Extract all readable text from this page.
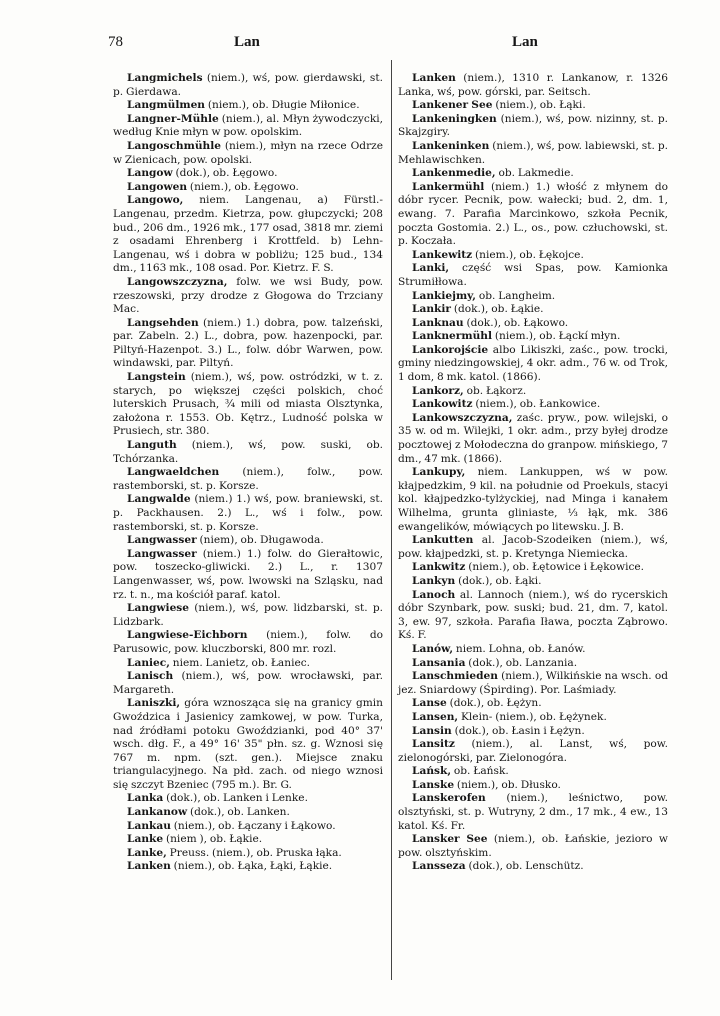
78	Lan	Lan

Langmichels (niem.), wś, pow. gierdawski, st. p. Gierdawa.

Langmülmen (niem.), ob. Długie Miłonice.

Langner-Mühle (niem.), al. Młyn żywodczycki, według Knie młyn w pow. opolskim.

Langoschmühle (niem.), młyn na rzece Odrze w Zienicach, pow. opolski.

Langow (dok.), ob. Łęgowo.

Langowen (niem.), ob. Łęgowo.

Langowo, niem. Langenau, a) Fürstl.-Langenau, przedm. Kietrza, pow. głupczycki; 208 bud., 206 dm., 1926 mk., 177 osad, 3818 mr. ziemi z osadami Ehrenberg i Krottfeld. b) Lehn-Langenau, wś i dobra w pobliżu; 125 bud., 134 dm., 1163 mk., 108 osad. Por. Kietrz. F. S.

Langowszczyzna, folw. we wsi Budy, pow. rzeszowski, przy drodze z Głogowa do Trzciany Mac.

Langsehden (niem.) 1.) dobra, pow. talzeński, par. Zabeln. 2.) L., dobra, pow. hazenpocki, par. Piltyń-Hazenpot. 3.) L., folw. dóbr Warwen, pow. windawski, par. Piltyń.

Langstein (niem.), wś, pow. ostródzki, w t. z. starych, po większej części polskich, choć luterskich Prusach, ¾ mili od miasta Olsztynka, założona r. 1553. Ob. Kętrz., Ludność polska w Prusiech, str. 380.

Languth (niem.), wś, pow. suski, ob. Tchórzanka.

Langwaeldchen (niem.), folw., pow. rastemborski, st. p. Korsze.

Langwalde (niem.) 1.) wś, pow. braniewski, st. p. Packhausen. 2.) L., wś i folw., pow. rastemborski, st. p. Korsze.

Langwasser (niem), ob. Długawoda.

Langwasser (niem.) 1.) folw. do Gierałtowic, pow. toszecko-gliwicki. 2.) L., r. 1307 Langenwasser, wś, pow. lwowski na Szląsku, nad rz. t. n., ma kościół paraf. katol.

Langwiese (niem.), wś, pow. lidzbarski, st. p. Lidzbark.

Langwiese-Eichborn (niem.), folw. do Parusowic, pow. kluczborski, 800 mr. rozl.

Laniec, niem. Lanietz, ob. Łaniec.

Lanisch (niem.), wś, pow. wrocławski, par. Margareth.

Laniszki, góra wznosząca się na granicy gmin Gwoździca i Jasienicy zamkowej, w pow. Turka, nad źródłami potoku Gwoździanki, pod 40° 37' wsch. dłg. F., a 49° 16' 35" płn. sz. g. Wznosi się 767 m. npm. (szt. gen.). Miejsce znaku triangulacyjnego. Na płd. zach. od niego wznosi się szczyt Bzeniec (795 m.). Br. G.

Lanka (dok.), ob. Lanken i Lenke.

Lankanow (dok.), ob. Lanken.

Lankau (niem.), ob. Łączany i Łąkowo.

Lanke (niem ), ob. Łąkie.

Lanke, Preuss. (niem.), ob. Pruska łąka.

Lanken (niem.), ob. Łąka, Łąki, Łąkie.

Lanken (niem.), 1310 r. Lankanow, r. 1326 Lanka, wś, pow. górski, par. Seitsch.

Lankener See (niem.), ob. Łąki.

Lankeningken (niem.), wś, pow. nizinny, st. p. Skajzgiry.

Lankeninken (niem.), wś, pow. labiewski, st. p. Mehlawischken.

Lankenmedie, ob. Lakmedie.

Lankermühl (niem.) 1.) włość z młynem do dóbr rycer. Pecnik, pow. wałecki; bud. 2, dm. 1, ewang. 7. Parafia Marcinkowo, szkoła Pecnik, poczta Gostomia. 2.) L., os., pow. człuchowski, st. p. Koczała.

Lankewitz (niem.), ob. Łękojce.

Lanki, część wsi Spas, pow. Kamionka Strumiłłowa.

Lankiejmy, ob. Langheim.

Lankir (dok.), ob. Łąkie.

Lanknau (dok.), ob. Łąkowo.

Lanknermühl (niem.), ob. Łąckí młyn.

Lankorojście albo Likiszki, zaśc., pow. trocki, gminy niedzingowskiej, 4 okr. adm., 76 w. od Trok, 1 dom, 8 mk. katol. (1866).

Lankorz, ob. Łąkorz.

Lankowitz (niem.), ob. Łankowice.

Lankowszczyzna, zaśc. pryw., pow. wilejski, o 35 w. od m. Wilejki, 1 okr. adm., przy byłej drodze pocztowej z Mołodeczna do granpow. mińskiego, 7 dm., 47 mk. (1866).

Lankupy, niem. Lankuppen, wś w pow. kłajpedzkim, 9 kil. na południe od Proekuls, stacyi kol. kłajpedzko-tylżyckiej, nad Minga i kanałem Wilhelma, grunta gliniaste, ⅓ łąk, mk. 386 ewangelików, mówiących po litewsku. J. B.

Lankutten al. Jacob-Szodeiken (niem.), wś, pow. kłajpedzki, st. p. Kretynga Niemiecka.

Lankwitz (niem.), ob. Łętowice i Łękowice.

Lankyn (dok.), ob. Łąki.

Lanoch al. Lannoch (niem.), wś do rycerskich dóbr Szynbark, pow. suski; bud. 21, dm. 7, katol. 3, ew. 97, szkoła. Parafia Iława, poczta Ząbrowo. Kś. F.

Lanów, niem. Lohna, ob. Łanów.

Lansania (dok.), ob. Lanzania.

Lanschmieden (niem.), Wilkińskie na wsch. od jez. Sniardowy (Śpirding). Por. Laśmiady.

Lanse (dok.), ob. Łężyn.

Lansen, Klein- (niem.), ob. Łężynek.

Lansin (dok.), ob. Łasin i Łężyn.

Lansitz (niem.), al. Lanst, wś, pow. zielonogórski, par. Zielonogóra.

Lańsk, ob. Łańsk.

Lanske (niem.), ob. Dłusko.

Lanskerofen (niem.), leśnictwo, pow. olsztyński, st. p. Wutryny, 2 dm., 17 mk., 4 ew., 13 katol. Kś. Fr.

Lansker See (niem.), ob. Łańskie, jezioro w pow. olsztyńskim.

Lansseza (dok.), ob. Lenschütz.
